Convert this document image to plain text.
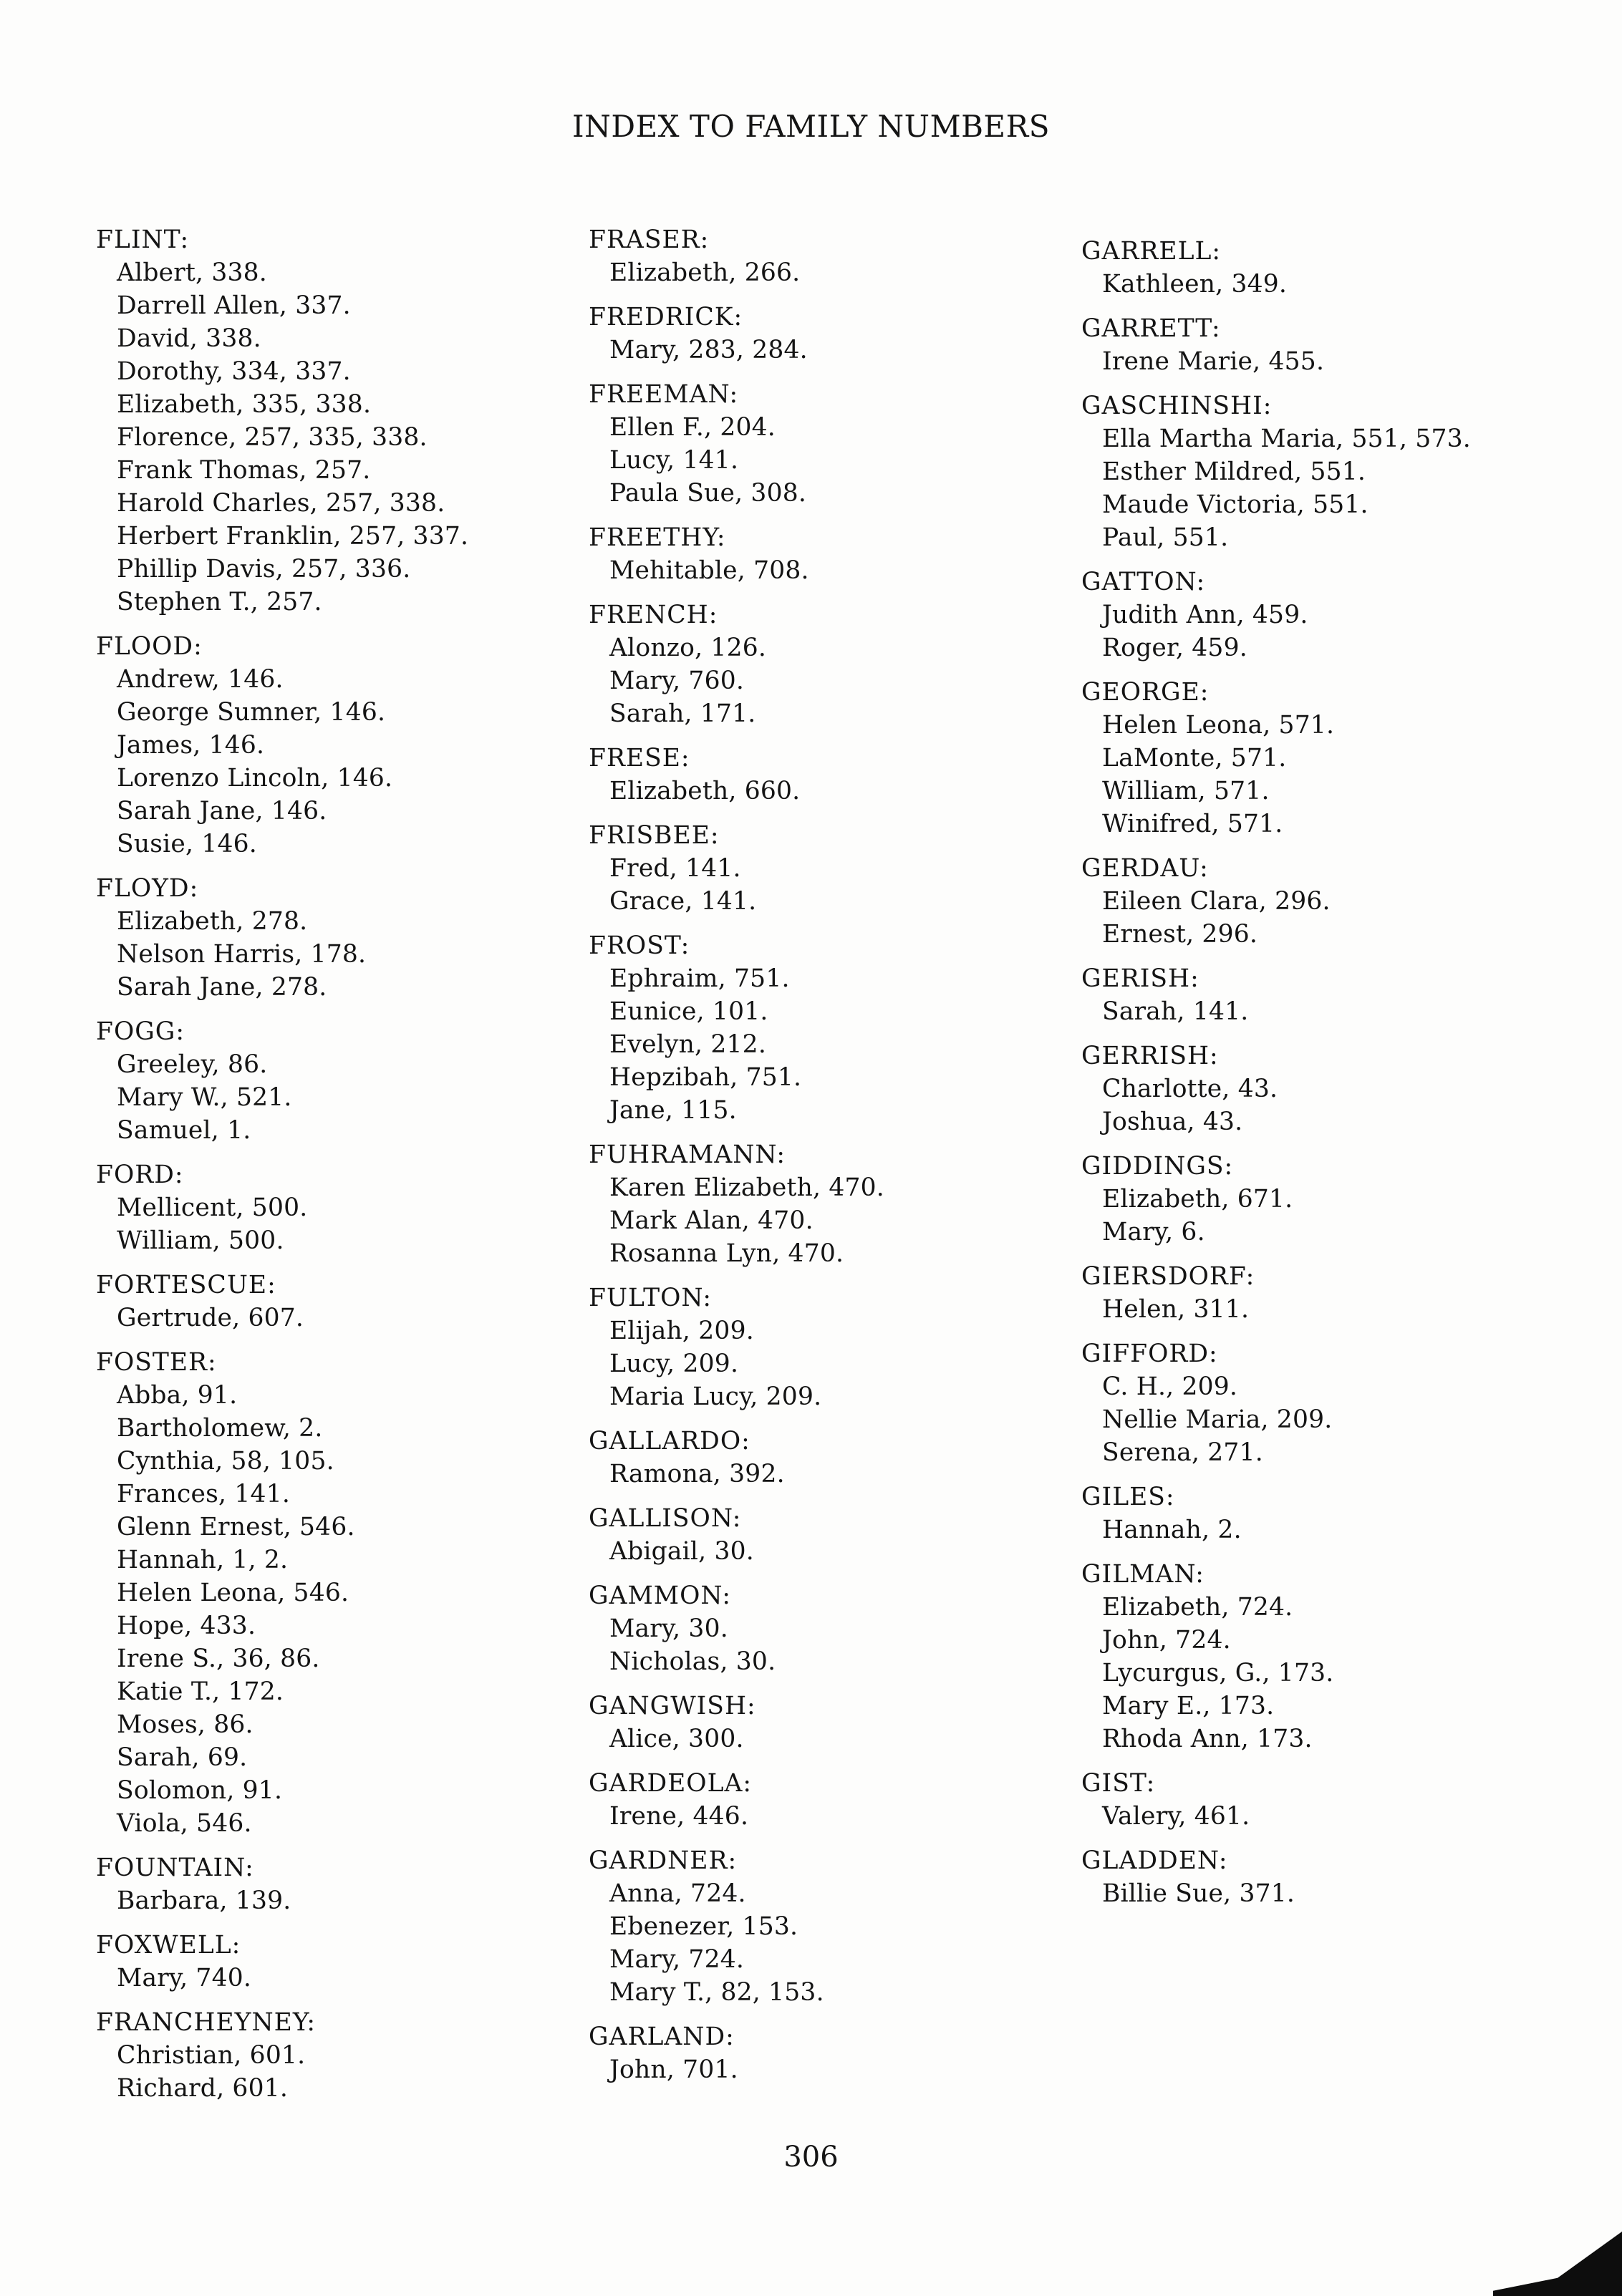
INDEX TO FAMILY NUMBERS
FLINT:
Albert, 338.
Darrell Allen, 337.
David, 338.
Dorothy, 334, 337.
Elizabeth, 335, 338.
Florence, 257, 335, 338.
Frank Thomas, 257.
Harold Charles, 257, 338.
Herbert Franklin, 257, 337.
Phillip Davis, 257, 336.
Stephen T., 257.
FLOOD:
Andrew, 146.
George Sumner, 146.
James, 146.
Lorenzo Lincoln, 146.
Sarah Jane, 146.
Susie, 146.
FLOYD:
Elizabeth, 278.
Nelson Harris, 178.
Sarah Jane, 278.
FOGG:
Greeley, 86.
Mary W., 521.
Samuel, 1.
FORD:
Mellicent, 500.
William, 500.
FORTESCUE:
Gertrude, 607.
FOSTER:
Abba, 91.
Bartholomew, 2.
Cynthia, 58, 105.
Frances, 141.
Glenn Ernest, 546.
Hannah, 1, 2.
Helen Leona, 546.
Hope, 433.
Irene S., 36, 86.
Katie T., 172.
Moses, 86.
Sarah, 69.
Solomon, 91.
Viola, 546.
FOUNTAIN:
Barbara, 139.
FOXWELL:
Mary, 740.
FRANCHEYNEY:
Christian, 601.
Richard, 601.
FRASER:
Elizabeth, 266.
FREDRICK:
Mary, 283, 284.
FREEMAN:
Ellen F., 204.
Lucy, 141.
Paula Sue, 308.
FREETHY:
Mehitable, 708.
FRENCH:
Alonzo, 126.
Mary, 760.
Sarah, 171.
FRESE:
Elizabeth, 660.
FRISBEE:
Fred, 141.
Grace, 141.
FROST:
Ephraim, 751.
Eunice, 101.
Evelyn, 212.
Hepzibah, 751.
Jane, 115.
FUHRAMANN:
Karen Elizabeth, 470.
Mark Alan, 470.
Rosanna Lyn, 470.
FULTON:
Elijah, 209.
Lucy, 209.
Maria Lucy, 209.
GALLARDO:
Ramona, 392.
GALLISON:
Abigail, 30.
GAMMON:
Mary, 30.
Nicholas, 30.
GANGWISH:
Alice, 300.
GARDEOLA:
Irene, 446.
GARDNER:
Anna, 724.
Ebenezer, 153.
Mary, 724.
Mary T., 82, 153.
GARLAND:
John, 701.
GARRELL:
Kathleen, 349.
GARRETT:
Irene Marie, 455.
GASCHINSHI:
Ella Martha Maria, 551, 573.
Esther Mildred, 551.
Maude Victoria, 551.
Paul, 551.
GATTON:
Judith Ann, 459.
Roger, 459.
GEORGE:
Helen Leona, 571.
LaMonte, 571.
William, 571.
Winifred, 571.
GERDAU:
Eileen Clara, 296.
Ernest, 296.
GERISH:
Sarah, 141.
GERRISH:
Charlotte, 43.
Joshua, 43.
GIDDINGS:
Elizabeth, 671.
Mary, 6.
GIERSDORF:
Helen, 311.
GIFFORD:
C. H., 209.
Nellie Maria, 209.
Serena, 271.
GILES:
Hannah, 2.
GILMAN:
Elizabeth, 724.
John, 724.
Lycurgus, G., 173.
Mary E., 173.
Rhoda Ann, 173.
GIST:
Valery, 461.
GLADDEN:
Billie Sue, 371.
306
